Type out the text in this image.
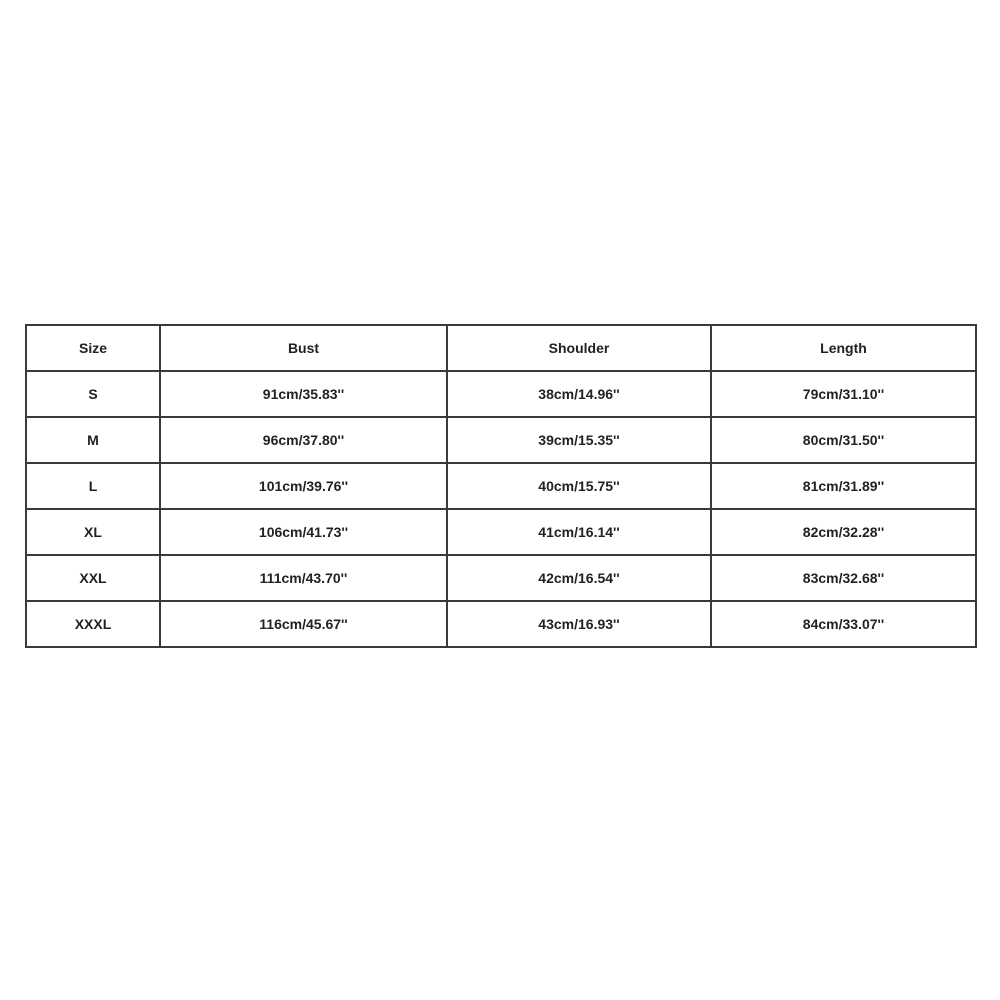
Size	Bust	Shoulder	Length
S	91cm/35.83''	38cm/14.96''	79cm/31.10''
M	96cm/37.80''	39cm/15.35''	80cm/31.50''
L	101cm/39.76''	40cm/15.75''	81cm/31.89''
XL	106cm/41.73''	41cm/16.14''	82cm/32.28''
XXL	111cm/43.70''	42cm/16.54''	83cm/32.68''
XXXL	116cm/45.67''	43cm/16.93''	84cm/33.07''
